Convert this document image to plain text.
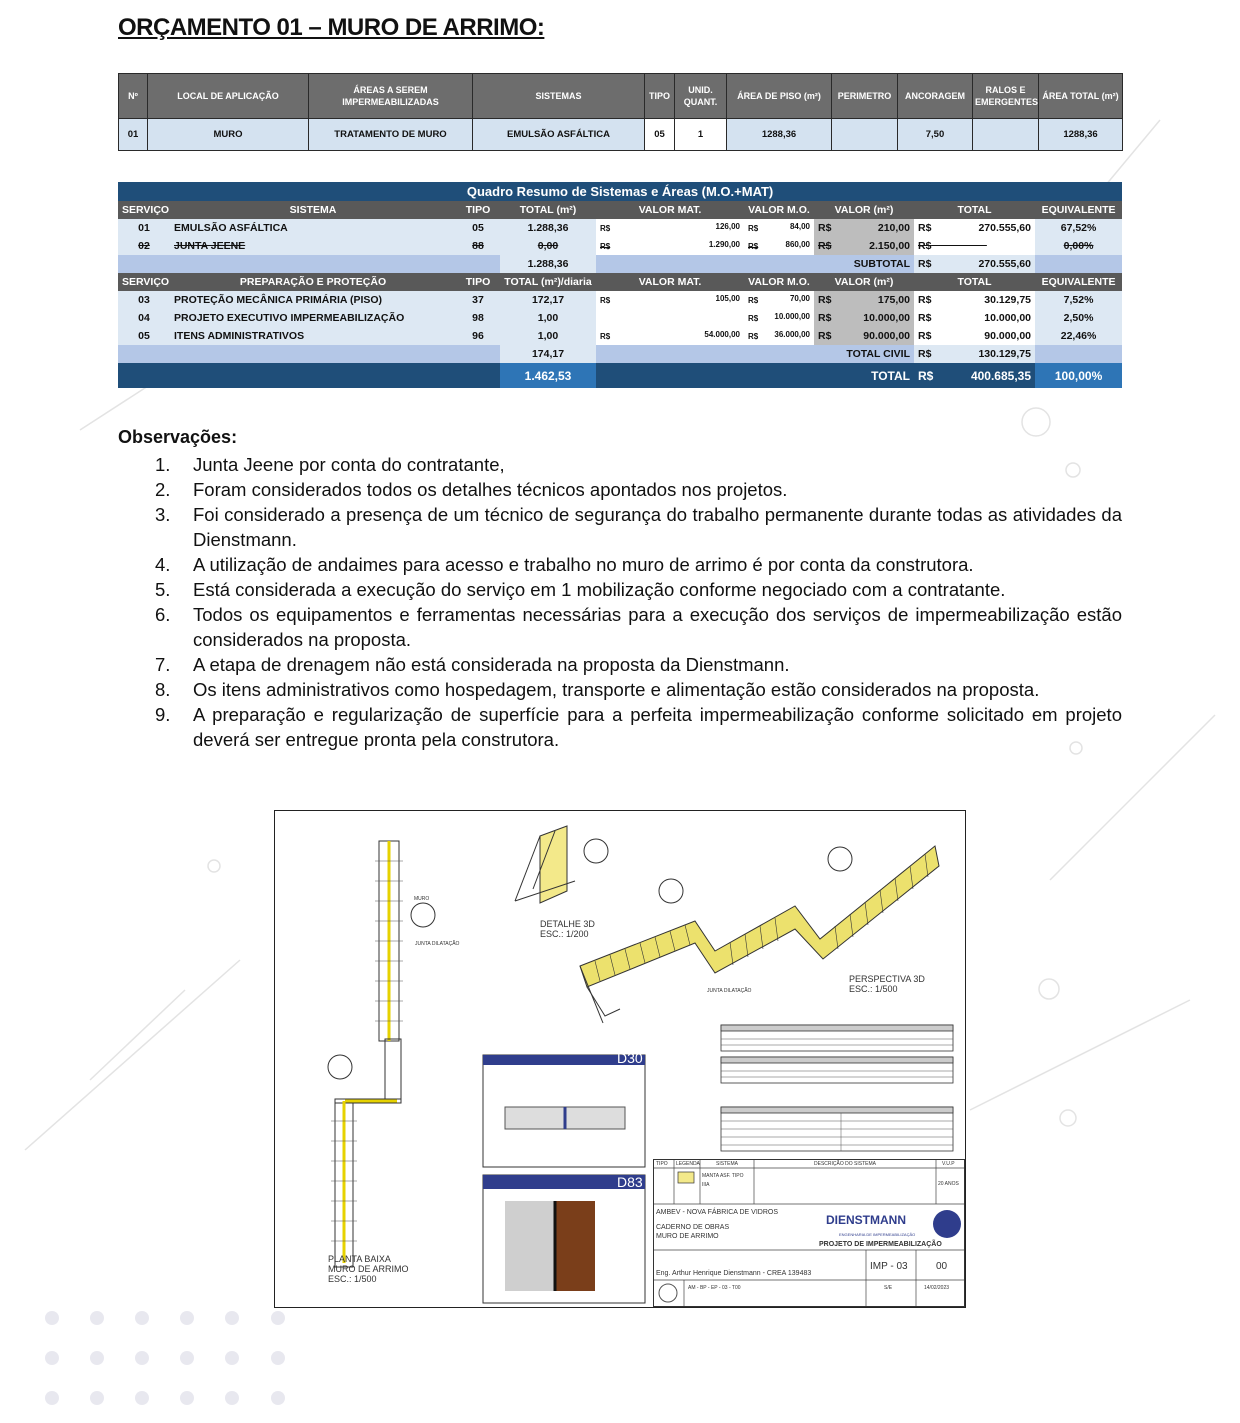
ORÇAMENTO 01 – MURO DE ARRIMO:
Nº	LOCAL DE APLICAÇÃO	ÁREAS A SEREM IMPERMEABILIZADAS	SISTEMAS	TIPO	UNID. QUANT.	ÁREA DE PISO (m²)	PERIMETRO	ANCORAGEM	RALOS E EMERGENTES	ÁREA TOTAL (m²)
01	MURO	TRATAMENTO DE MURO	EMULSÃO ASFÁLTICA	05	1	1288,36		7,50		1288,36
Quadro Resumo de Sistemas e Áreas (M.O.+MAT)								
SERVIÇO	SISTEMA	TIPO	TOTAL (m²)	VALOR MAT.	VALOR M.O.	VALOR (m²)	TOTAL	EQUIVALENTE
01	EMULSÃO ASFÁLTICA	05	1.288,36	R$ 126,00	R$ 84,00	R$ 210,00	R$ 270.555,60	67,52%
02	JUNTA JEENE	88	0,00	R$ 1.290,00	R$ 860,00	R$ 2.150,00	R$	0,00%
			1.288,36			SUBTOTAL	R$ 270.555,60	

SERVIÇO	PREPARAÇÃO E PROTEÇÃO	TIPO	TOTAL (m²)/diaria	VALOR MAT.	VALOR M.O.	VALOR (m²)	TOTAL	EQUIVALENTE
03	PROTEÇÃO MECÂNICA PRIMÁRIA (PISO)	37	172,17	R$ 105,00	R$ 70,00	R$ 175,00	R$ 30.129,75	7,52%
04	PROJETO EXECUTIVO IMPERMEABILIZAÇÃO	98	1,00		R$ 10.000,00	R$ 10.000,00	R$ 10.000,00	2,50%
05	ITENS ADMINISTRATIVOS	96	1,00	R$ 54.000,00	R$ 36.000,00	R$ 90.000,00	R$ 90.000,00	22,46%
			174,17			TOTAL CIVIL	R$ 130.129,75	

			1.462,53			TOTAL	R$ 400.685,35	100,00%
Observações:
1. Junta Jeene por conta do contratante,
2. Foram considerados todos os detalhes técnicos apontados nos projetos.
3. Foi considerado a presença de um técnico de segurança do trabalho permanente durante todas as atividades da Dienstmann.
4. A utilização de andaimes para acesso e trabalho no muro de arrimo é por conta da construtora.
5. Está considerada a execução do serviço em 1 mobilização conforme negociado com a contratante.
6. Todos os equipamentos e ferramentas necessárias para a execução dos serviços de impermeabilização estão considerados na proposta.
7. A etapa de drenagem não está considerada na proposta da Dienstmann.
8. Os itens administrativos como hospedagem, transporte e alimentação estão considerados na proposta.
9. A preparação e regularização de superfície para a perfeita impermeabilização conforme solicitado em projeto deverá ser entregue pronta pela construtora.
DETALHE 3D
ESC.: 1/200
PERSPECTIVA 3D
ESC.: 1/500
PLANTA BAIXA
MURO DE ARRIMO
ESC.: 1/500
D30
D83
MURO
JUNTA DILATAÇÃO
JUNTA DILATAÇÃO
TIPO LEGENDA	SISTEMA	DESCRIÇÃO DO SISTEMA	V.U.P
MANTA ASF. TIPO IIIA	20 ANOS
AMBEV - NOVA FÁBRICA DE VIDROS
CADERNO DE OBRAS
MURO DE ARRIMO
DIENSTMANN
ENGENHARIA DE IMPERMEABILIZAÇÃO
PROJETO DE IMPERMEABILIZAÇÃO
IMP - 03	00
Eng. Arthur Henrique Dienstmann - CREA 139483
AM - BP - EP - 03 - T00	S/E	14/02/2023
